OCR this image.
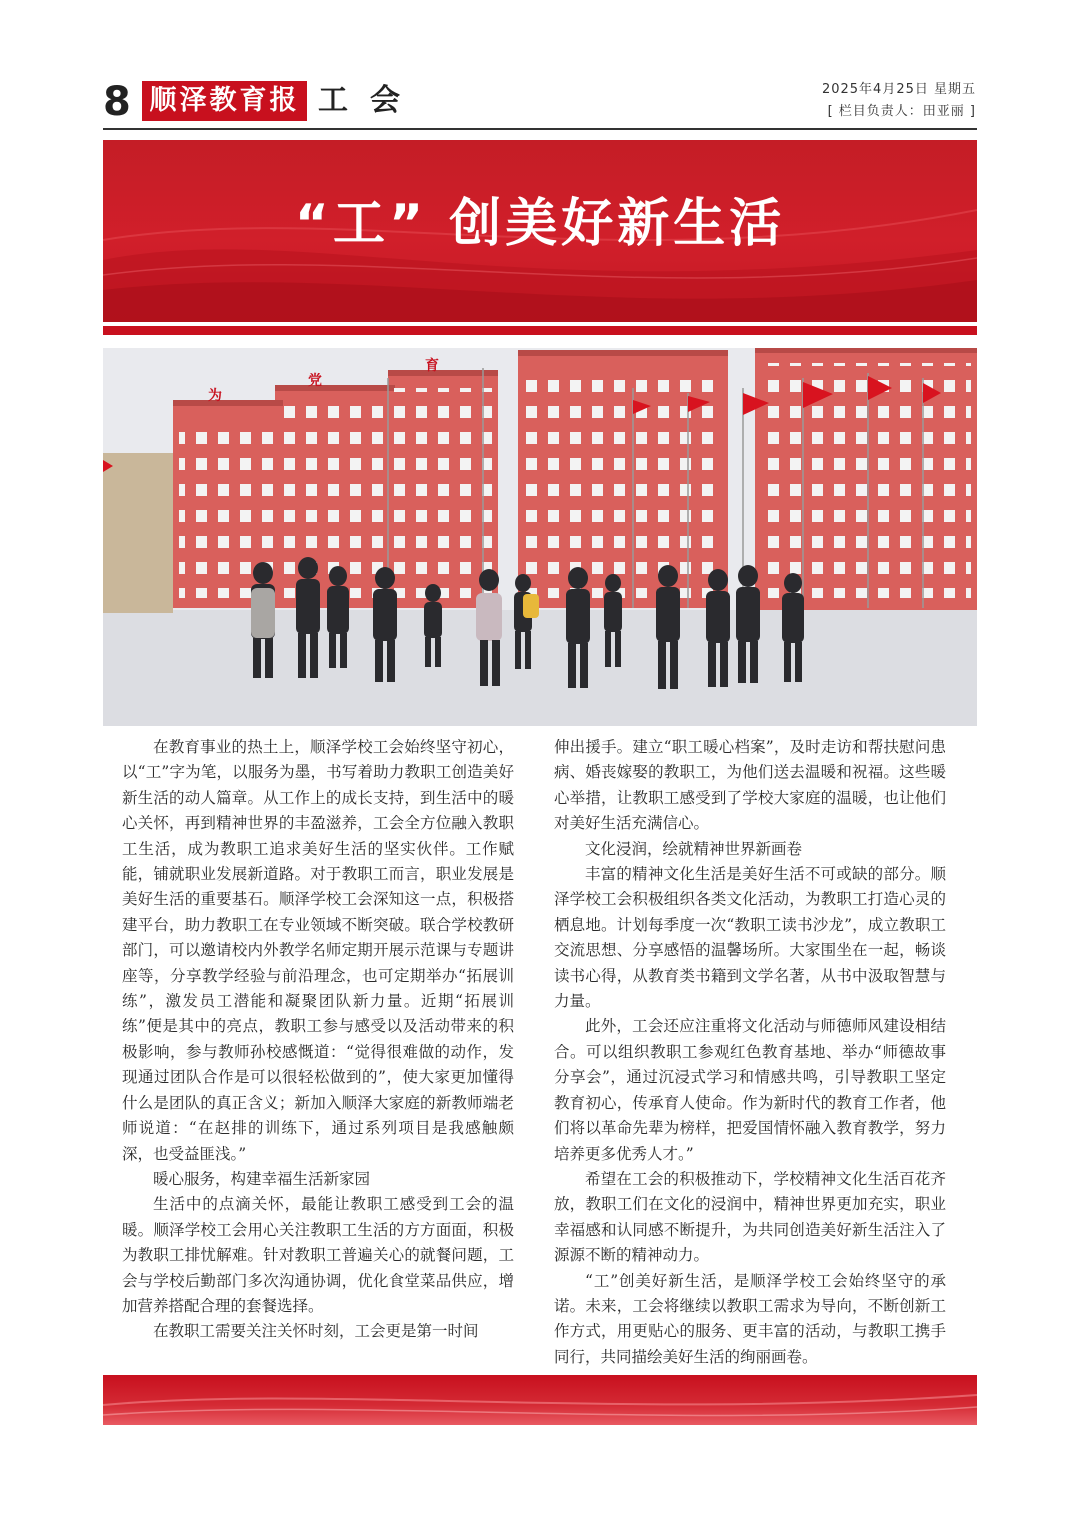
8 顺泽教育报 工会	2025年4月25日 星期五
[ 栏目负责人：田亚丽 ]
“工” 创美好新生活
为
党
育

在教育事业的热土上，顺泽学校工会始终坚守初心，以“工”字为笔，以服务为墨，书写着助力教职工创造美好新生活的动人篇章。从工作上的成长支持，到生活中的暖心关怀，再到精神世界的丰盈滋养，工会全方位融入教职工生活，成为教职工追求美好生活的坚实伙伴。工作赋能，铺就职业发展新道路。对于教职工而言，职业发展是美好生活的重要基石。顺泽学校工会深知这一点，积极搭建平台，助力教职工在专业领域不断突破。联合学校教研部门，可以邀请校内外教学名师定期开展示范课与专题讲座等，分享教学经验与前沿理念，也可定期举办“拓展训练”，激发员工潜能和凝聚团队新力量。近期“拓展训练”便是其中的亮点，教职工参与感受以及活动带来的积极影响，参与教师孙校感慨道：“觉得很难做的动作，发现通过团队合作是可以很轻松做到的”，使大家更加懂得什么是团队的真正含义；新加入顺泽大家庭的新教师端老师说道：“在赵排的训练下，通过系列项目是我感触颇深，也受益匪浅。”

暖心服务，构建幸福生活新家园

生活中的点滴关怀，最能让教职工感受到工会的温暖。顺泽学校工会用心关注教职工生活的方方面面，积极为教职工排忧解难。针对教职工普遍关心的就餐问题，工会与学校后勤部门多次沟通协调，优化食堂菜品供应，增加营养搭配合理的套餐选择。

在教职工需要关注关怀时刻，工会更是第一时间

伸出援手。建立“职工暖心档案”，及时走访和帮扶慰问患病、婚丧嫁娶的教职工，为他们送去温暖和祝福。这些暖心举措，让教职工感受到了学校大家庭的温暖，也让他们对美好生活充满信心。

文化浸润，绘就精神世界新画卷

丰富的精神文化生活是美好生活不可或缺的部分。顺泽学校工会积极组织各类文化活动，为教职工打造心灵的栖息地。计划每季度一次“教职工读书沙龙”，成立教职工交流思想、分享感悟的温馨场所。大家围坐在一起，畅谈读书心得，从教育类书籍到文学名著，从书中汲取智慧与力量。

此外，工会还应注重将文化活动与师德师风建设相结合。可以组织教职工参观红色教育基地、举办“师德故事分享会”，通过沉浸式学习和情感共鸣，引导教职工坚定教育初心，传承育人使命。作为新时代的教育工作者，他们将以革命先辈为榜样，把爱国情怀融入教育教学，努力培养更多优秀人才。”

希望在工会的积极推动下，学校精神文化生活百花齐放，教职工们在文化的浸润中，精神世界更加充实，职业幸福感和认同感不断提升，为共同创造美好新生活注入了源源不断的精神动力。

“工”创美好新生活，是顺泽学校工会始终坚守的承诺。未来，工会将继续以教职工需求为导向，不断创新工作方式，用更贴心的服务、更丰富的活动，与教职工携手同行，共同描绘美好生活的绚丽画卷。
